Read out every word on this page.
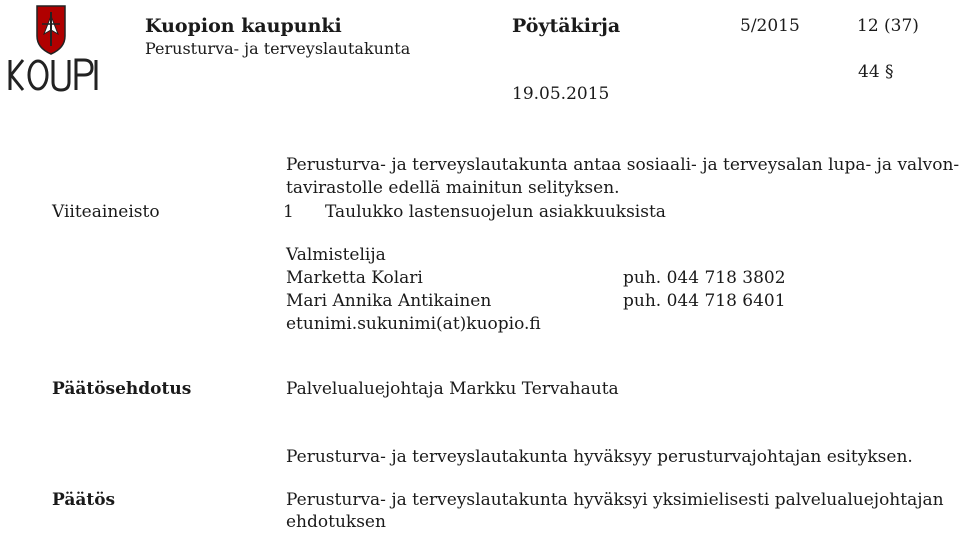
Kuopion kaupunki
Perusturva- ja terveyslautakunta
Pöytäkirja	5/2015	12 (37)
44 §
19.05.2015
Perusturva- ja terveyslautakunta antaa sosiaali- ja terveysalan lupa- ja valvon-
tavirastolle edellä mainitun selityksen.
Viiteaineisto	1 Taulukko lastensuojelun asiakkuuksista
Valmistelija
Marketta Kolari	puh. 044 718 3802
Mari Annika Antikainen	puh. 044 718 6401
etunimi.sukunimi(at)kuopio.fi
Päätösehdotus	Palvelualuejohtaja Markku Tervahauta
Perusturva- ja terveyslautakunta hyväksyy perusturvajohtajan esityksen.
Päätös	Perusturva- ja terveyslautakunta hyväksyi yksimielisesti palvelualuejohtajan
ehdotuksen
